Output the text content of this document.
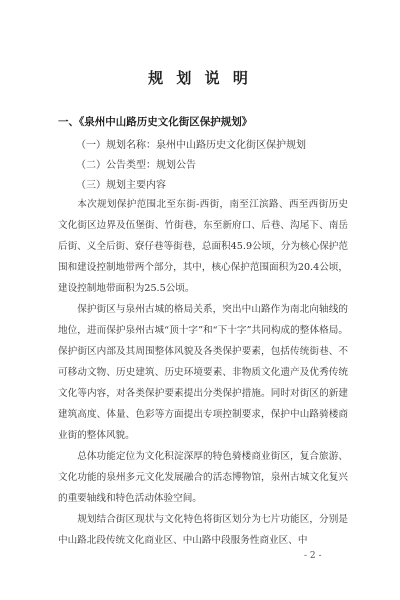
规 划 说 明
一、《泉州中山路历史文化街区保护规划》
（一）规划名称：泉州中山路历史文化街区保护规划
（二）公告类型：规划公告
（三）规划主要内容

本次规划保护范围北至东街-西街，南至江滨路、西至西街历史文化街区边界及伍堡街、竹街巷，东至新府口、后巷、沟尾下、南岳后街、义全后街、寮仔巷等街巷，总面积45.9公顷，分为核心保护范围和建设控制地带两个部分，其中，核心保护范围面积为20.4公顷，建设控制地带面积为25.5公顷。

保护街区与泉州古城的格局关系，突出中山路作为南北向轴线的地位，进而保护泉州古城“顶十字”和“下十字”共同构成的整体格局。保护街区内部及其周围整体风貌及各类保护要素，包括传统街巷、不可移动文物、历史建筑、历史环境要素、非物质文化遗产及优秀传统文化等内容，对各类保护要素提出分类保护措施。同时对街区的新建建筑高度、体量、色彩等方面提出专项控制要求，保护中山路骑楼商业街的整体风貌。

总体功能定位为文化积淀深厚的特色骑楼商业街区，复合旅游、文化功能的泉州多元文化发展融合的活态博物馆，泉州古城文化复兴的重要轴线和特色活动体验空间。

规划结合街区现状与文化特色将街区划分为七片功能区，分别是中山路北段传统文化商业区、中山路中段服务性商业区、中

- 2 -
